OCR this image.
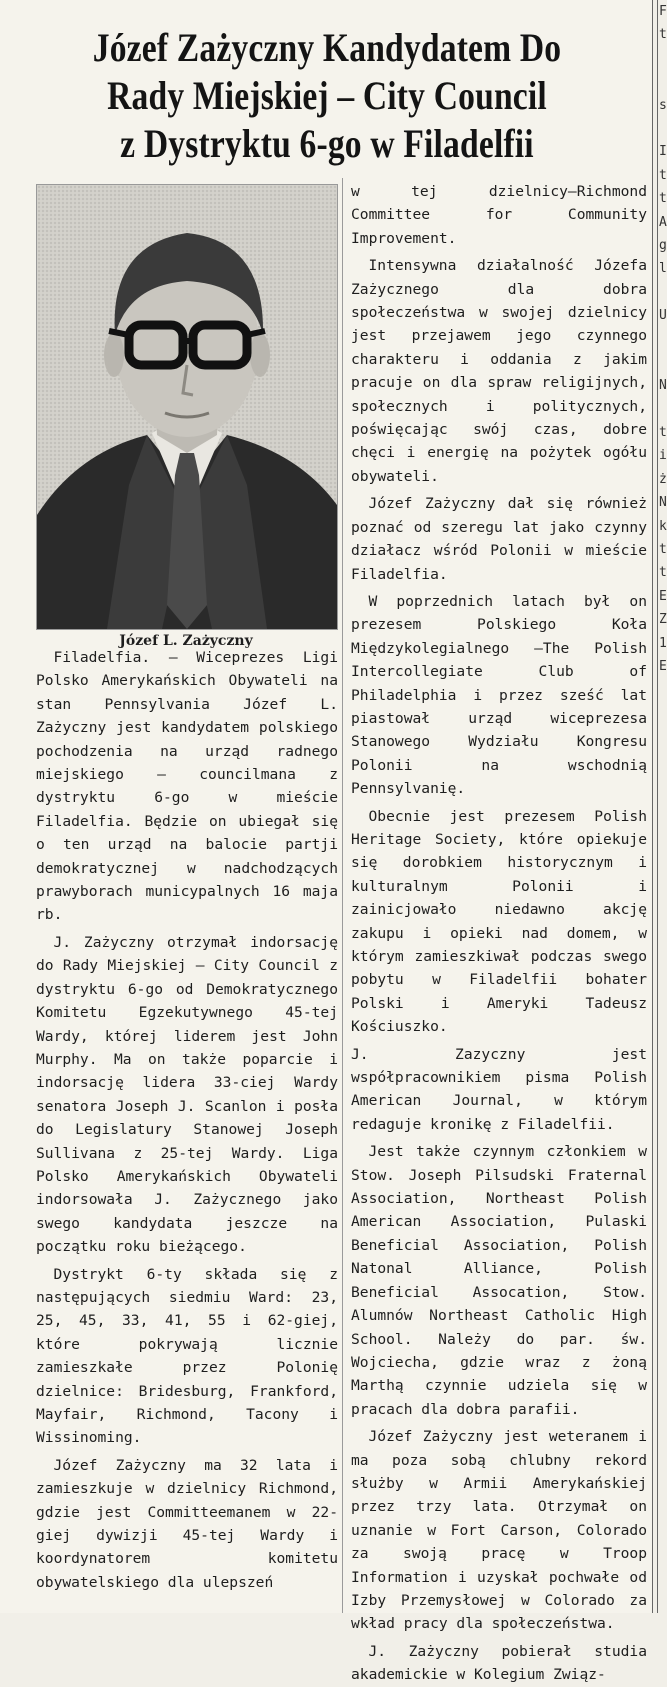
Józef Zażyczny Kandydatem Do
Rady Miejskiej – City Council
z Dystryktu 6-go w Filadelfii
Józef L. Zażyczny

Filadelfia. — Wiceprezes Ligi Polsko Amerykańskich Obywateli na stan Pennsylvania Józef L. Zażyczny jest kandydatem polskiego pochodzenia na urząd radnego miejskiego — councilmana z dystryktu 6-go w mieście Filadelfia. Będzie on ubiegał się o ten urząd na balocie partji demokratycznej w nadchodzących prawyborach municypalnych 16 maja rb.

J. Zażyczny otrzymał indorsację do Rady Miejskiej — City Council z dystryktu 6-go od Demokratycznego Komitetu Egzekutywnego 45-tej Wardy, której liderem jest John Murphy. Ma on także poparcie i indorsację lidera 33-ciej Wardy senatora Joseph J. Scanlon i posła do Legislatury Stanowej Joseph Sullivana z 25-tej Wardy. Liga Polsko Amerykańskich Obywateli indorsowała J. Zażycznego jako swego kandydata jeszcze na początku roku bieżącego.

Dystrykt 6-ty składa się z następujących siedmiu Ward: 23, 25, 45, 33, 41, 55 i 62-giej, które pokrywają licznie zamieszkałe przez Polonię dzielnice: Bridesburg, Frankford, Mayfair, Richmond, Tacony i Wissinoming.

Józef Zażyczny ma 32 lata i zamieszkuje w dzielnicy Richmond, gdzie jest Committeemanem w 22-giej dywizji 45-tej Wardy i koordynatorem komitetu obywatelskiego dla ulepszeń

w tej dzielnicy—Richmond Committee for Community Improvement.

Intensywna działalność Józefa Zażycznego dla dobra społeczeństwa w swojej dzielnicy jest przejawem jego czynnego charakteru i oddania z jakim pracuje on dla spraw religijnych, społecznych i politycznych, poświęcając swój czas, dobre chęci i energię na pożytek ogółu obywateli.

Józef Zażyczny dał się również poznać od szeregu lat jako czynny działacz wśród Polonii w mieście Filadelfia.

W poprzednich latach był on prezesem Polskiego Koła Międzykolegialnego —The Polish Intercollegiate Club of Philadelphia i przez sześć lat piastował urząd wiceprezesa Stanowego Wydziału Kongresu Polonii na wschodnią Pennsylvanię.

Obecnie jest prezesem Polish Heritage Society, które opiekuje się dorobkiem historycznym i kulturalnym Polonii i zainicjowało niedawno akcję zakupu i opieki nad domem, w którym zamieszkiwał podczas swego pobytu w Filadelfii bohater Polski i Ameryki Tadeusz Kościuszko.

J. Zazyczny jest współpracownikiem pisma Polish American Journal, w którym redaguje kronikę z Filadelfii.

Jest także czynnym członkiem w Stow. Joseph Pilsudski Fraternal Association, Northeast Polish American Association, Pulaski Beneficial Association, Polish Natonal Alliance, Polish Beneficial Assocation, Stow. Alumnów Northeast Catholic High School. Należy do par. św. Wojciecha, gdzie wraz z żoną Marthą czynnie udziela się w pracach dla dobra parafii.

Józef Zażyczny jest weteranem i ma poza sobą chlubny rekord służby w Armii Amerykańskiej przez trzy lata. Otrzymał on uznanie w Fort Carson, Colorado za swoją pracę w Troop Information i uzyskał pochwałe od Izby Przemysłowej w Colorado za wkład pracy dla społeczeństwa.

J. Zażyczny pobierał studia akademickie w Kolegium Związ-

F
t
s
I
t
t
A
g
l
U
N
t
i
ż
N
k
t
t
E
Z
1
E
